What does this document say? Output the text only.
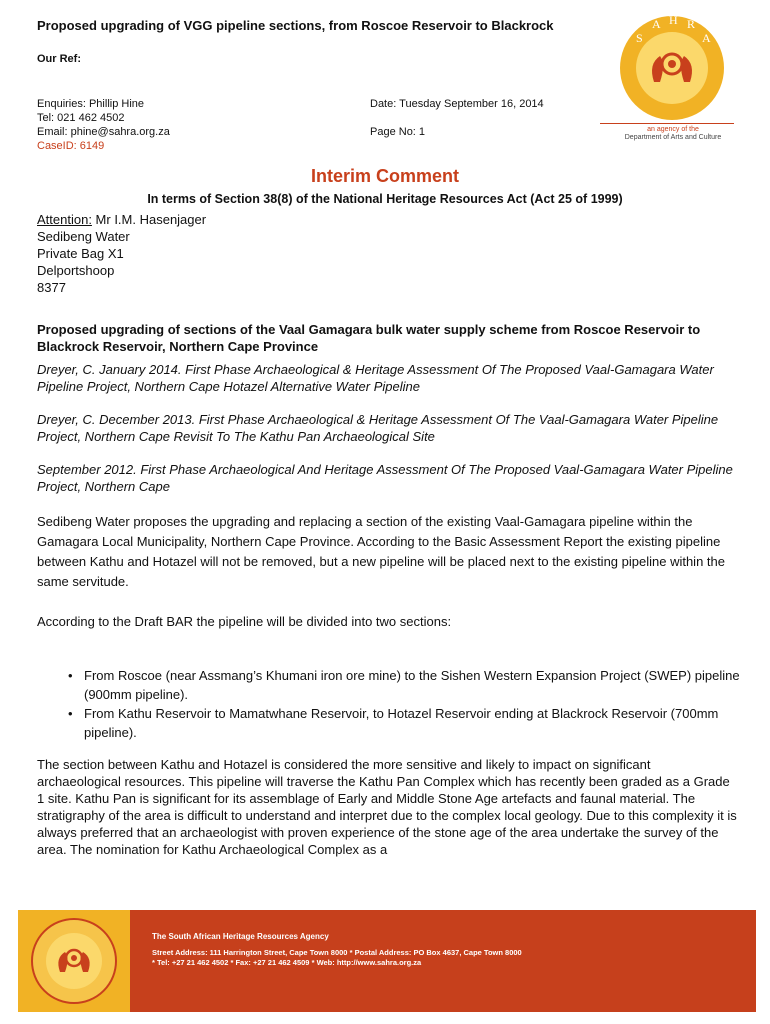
Proposed upgrading of VGG pipeline sections, from Roscoe Reservoir to Blackrock
Our Ref:
Enquiries: Phillip Hine
Tel: 021 462 4502
Email: phine@sahra.org.za
CaseID: 6149
Date: Tuesday September 16, 2014
Page No: 1
S
A H R
A
an agency of the
Department of Arts and Culture
Interim Comment
In terms of Section 38(8) of the National Heritage Resources Act (Act 25 of 1999)
Attention: Mr I.M. Hasenjager
Sedibeng Water
Private Bag X1
Delportshoop
8377
Proposed upgrading of sections of the Vaal Gamagara bulk water supply scheme from Roscoe Reservoir to Blackrock Reservoir, Northern Cape Province
Dreyer, C. January 2014. First Phase Archaeological & Heritage Assessment Of The Proposed Vaal-Gamagara Water Pipeline Project, Northern Cape Hotazel Alternative Water Pipeline
Dreyer, C. December 2013. First Phase Archaeological & Heritage Assessment Of The Vaal-Gamagara Water Pipeline Project, Northern Cape Revisit To The Kathu Pan Archaeological Site
September 2012. First Phase Archaeological And Heritage Assessment Of The Proposed Vaal-Gamagara Water Pipeline Project, Northern Cape
Sedibeng Water proposes the upgrading and replacing a section of the existing Vaal-Gamagara pipeline within the Gamagara Local Municipality, Northern Cape Province. According to the Basic Assessment Report the existing pipeline between Kathu and Hotazel will not be removed, but a new pipeline will be placed next to the existing pipeline within the same servitude.
According to the Draft BAR the pipeline will be divided into two sections:
• From Roscoe (near Assmang’s Khumani iron ore mine) to the Sishen Western Expansion Project (SWEP) pipeline (900mm pipeline).
• From Kathu Reservoir to Mamatwhane Reservoir, to Hotazel Reservoir ending at Blackrock Reservoir (700mm pipeline).
The section between Kathu and Hotazel is considered the more sensitive and likely to impact on significant archaeological resources. This pipeline will traverse the Kathu Pan Complex which has recently been graded as a Grade 1 site. Kathu Pan is significant for its assemblage of Early and Middle Stone Age artefacts and faunal material. The stratigraphy of the area is difficult to understand and interpret due to the complex local geology. Due to this complexity it is always preferred that an archaeologist with proven experience of the stone age of the area undertake the survey of the area. The nomination for Kathu Archaeological Complex as a
The South African Heritage Resources Agency
Street Address: 111 Harrington Street, Cape Town 8000 * Postal Address: PO Box 4637, Cape Town 8000
* Tel: +27 21 462 4502 * Fax: +27 21 462 4509 * Web: http://www.sahra.org.za
